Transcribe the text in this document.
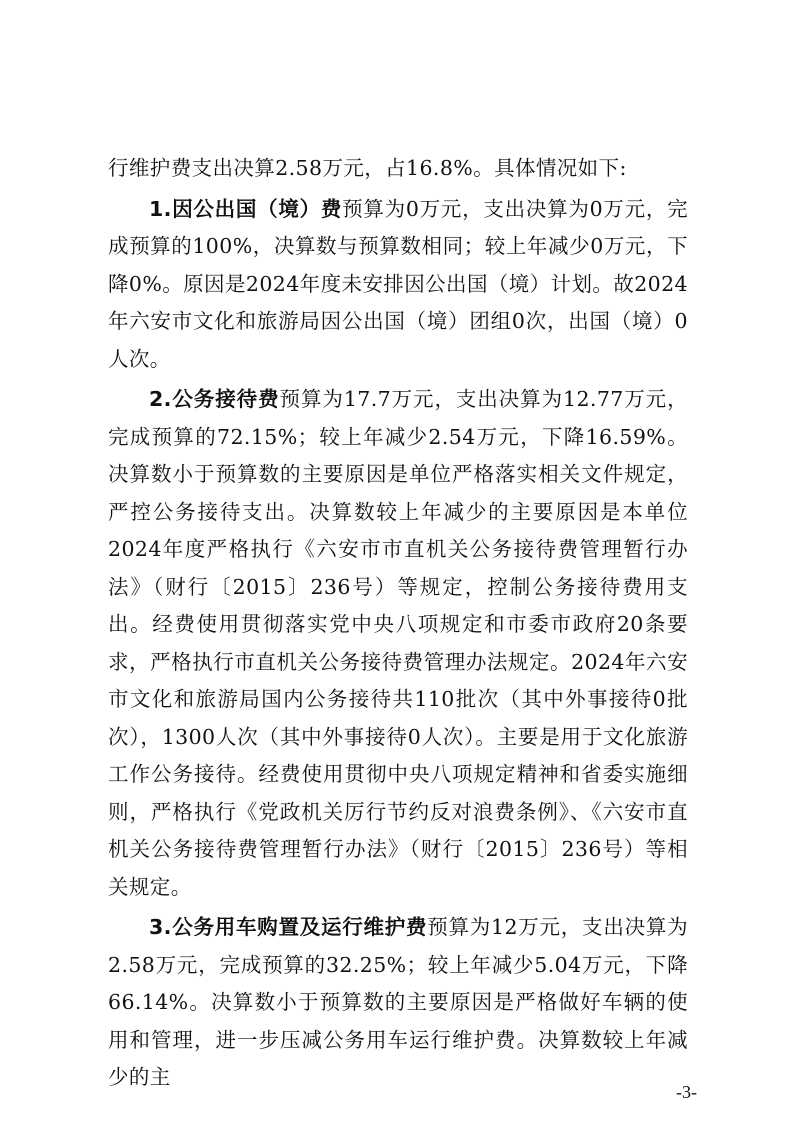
行维护费支出决算2.58万元，占16.8%。具体情况如下:

1.因公出国（境）费预算为0万元，支出决算为0万元，完成预算的100%，决算数与预算数相同；较上年减少0万元，下降0%。原因是2024年度未安排因公出国（境）计划。故2024年六安市文化和旅游局因公出国（境）团组0次，出国（境）0人次。

2.公务接待费预算为17.7万元，支出决算为12.77万元，完成预算的72.15%；较上年减少2.54万元，下降16.59%。决算数小于预算数的主要原因是单位严格落实相关文件规定，严控公务接待支出。决算数较上年减少的主要原因是本单位2024年度严格执行《六安市市直机关公务接待费管理暂行办法》（财行〔2015〕236号）等规定，控制公务接待费用支出。经费使用贯彻落实党中央八项规定和市委市政府20条要求，严格执行市直机关公务接待费管理办法规定。2024年六安市文化和旅游局国内公务接待共110批次（其中外事接待0批次），1300人次（其中外事接待0人次）。主要是用于文化旅游工作公务接待。经费使用贯彻中央八项规定精神和省委实施细则，严格执行《党政机关厉行节约反对浪费条例》、《六安市直机关公务接待费管理暂行办法》（财行〔2015〕236号）等相关规定。

3.公务用车购置及运行维护费预算为12万元，支出决算为2.58万元，完成预算的32.25%；较上年减少5.04万元，下降66.14%。决算数小于预算数的主要原因是严格做好车辆的使用和管理，进一步压减公务用车运行维护费。决算数较上年减少的主

-3-
